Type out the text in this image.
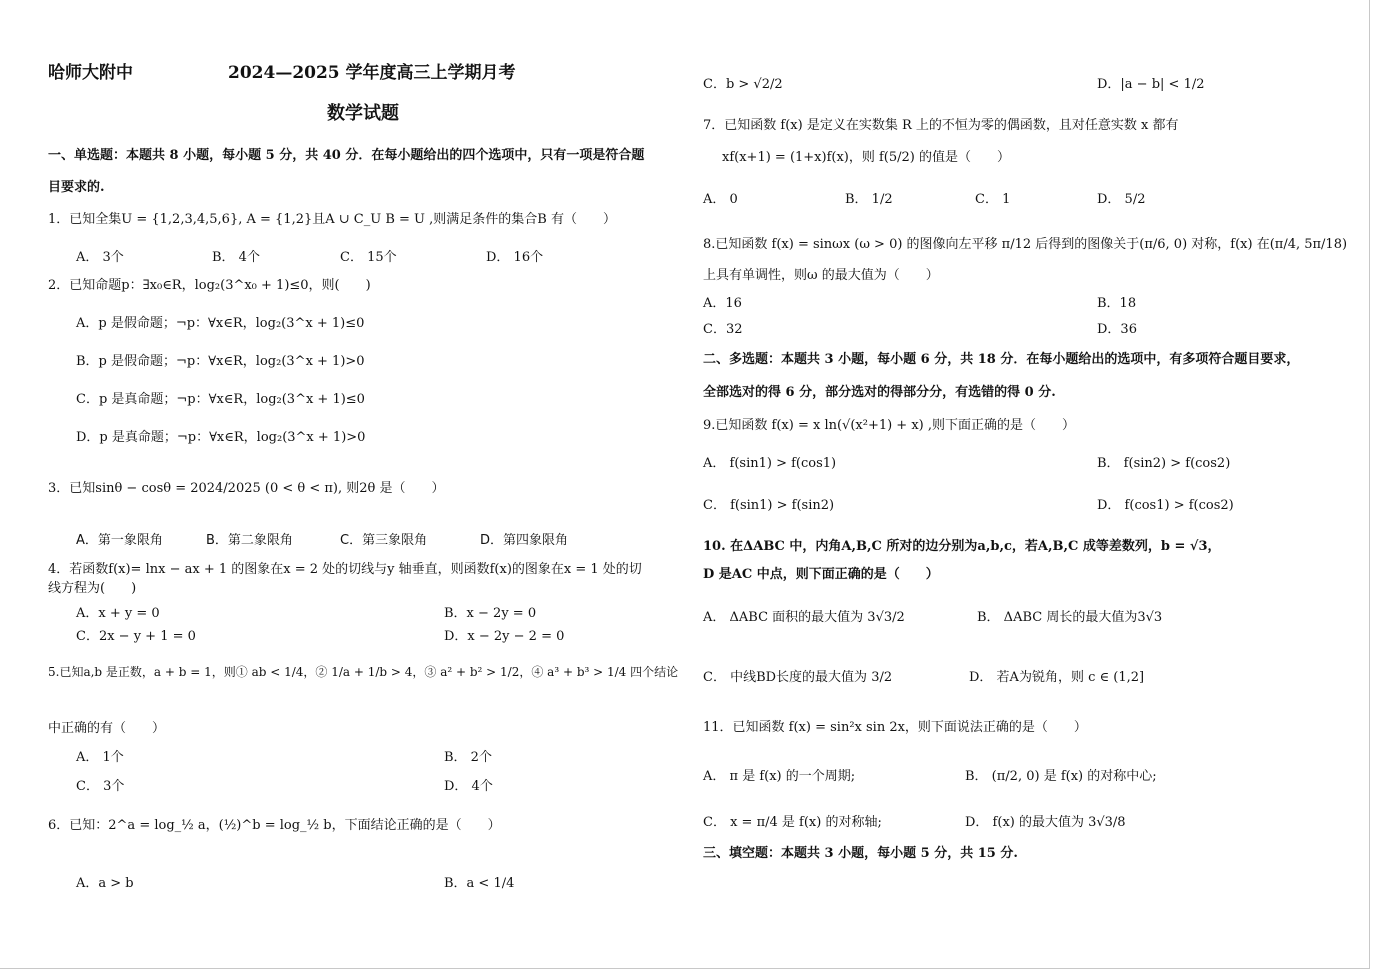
哈师大附中	2024—2025 学年度高三上学期月考
数学试题
一、单选题：本题共 8 小题，每小题 5 分，共 40 分．在每小题给出的四个选项中，只有一项是符合题
目要求的.
1．已知全集U = {1,2,3,4,5,6}, A = {1,2}且A ∪ C_U B = U ,则满足条件的集合B 有（　　）
A． 3个	B． 4个	C． 15个	D． 16个
2．已知命题p：∃x₀∈R，log₂(3^x₀ + 1)≤0，则(　　)
A．p 是假命题；¬p：∀x∈R，log₂(3^x + 1)≤0
B．p 是假命题；¬p：∀x∈R，log₂(3^x + 1)>0
C．p 是真命题；¬p：∀x∈R，log₂(3^x + 1)≤0
D．p 是真命题；¬p：∀x∈R，log₂(3^x + 1)>0
3．已知sinθ − cosθ = 2024/2025 (0 < θ < π), 则2θ 是（　　）
A．第一象限角	B．第二象限角	C．第三象限角	D．第四象限角
4．若函数f(x)= lnx − ax + 1 的图象在x = 2 处的切线与y 轴垂直，则函数f(x)的图象在x = 1 处的切
线方程为(　　)
A．x + y = 0	B．x − 2y = 0
C．2x − y + 1 = 0	D．x − 2y − 2 = 0
5.已知a,b 是正数，a + b = 1，则① ab < 1/4，② 1/a + 1/b > 4，③ a² + b² > 1/2，④ a³ + b³ > 1/4 四个结论
中正确的有（　　）
A． 1个	B． 2个
C． 3个	D． 4个
6．已知：2^a = log_½ a，(½)^b = log_½ b，下面结论正确的是（　　）
A．a > b	B．a < 1/4
C．b > √2/2	D．|a − b| < 1/2
7．已知函数 f(x) 是定义在实数集 R 上的不恒为零的偶函数，且对任意实数 x 都有
xf(x+1) = (1+x)f(x)，则 f(5/2) 的值是（　　）
A． 0	B． 1/2	C． 1	D． 5/2
8.已知函数 f(x) = sinωx (ω > 0) 的图像向左平移 π/12 后得到的图像关于(π/6, 0) 对称，f(x) 在(π/4, 5π/18)
上具有单调性，则ω 的最大值为（　　）
A．16	B．18
C．32	D．36
二、多选题：本题共 3 小题，每小题 6 分，共 18 分．在每小题给出的选项中，有多项符合题目要求，
全部选对的得 6 分，部分选对的得部分分，有选错的得 0 分.
9.已知函数 f(x) = x ln(√(x²+1) + x) ,则下面正确的是（　　）
A． f(sin1) > f(cos1)	B． f(sin2) > f(cos2)
C． f(sin1) > f(sin2)	D． f(cos1) > f(cos2)
10. 在ΔABC 中，内角A,B,C 所对的边分别为a,b,c，若A,B,C 成等差数列，b = √3，
D 是AC 中点，则下面正确的是（　　）
A． ΔABC 面积的最大值为 3√3/2	B． ΔABC 周长的最大值为3√3
C． 中线BD长度的最大值为 3/2	D． 若A为锐角，则 c ∈ (1,2]
11．已知函数 f(x) = sin²x sin 2x，则下面说法正确的是（　　）
A． π 是 f(x) 的一个周期;	B． (π/2, 0) 是 f(x) 的对称中心;
C． x = π/4 是 f(x) 的对称轴;	D． f(x) 的最大值为 3√3/8
三、填空题：本题共 3 小题，每小题 5 分，共 15 分.
